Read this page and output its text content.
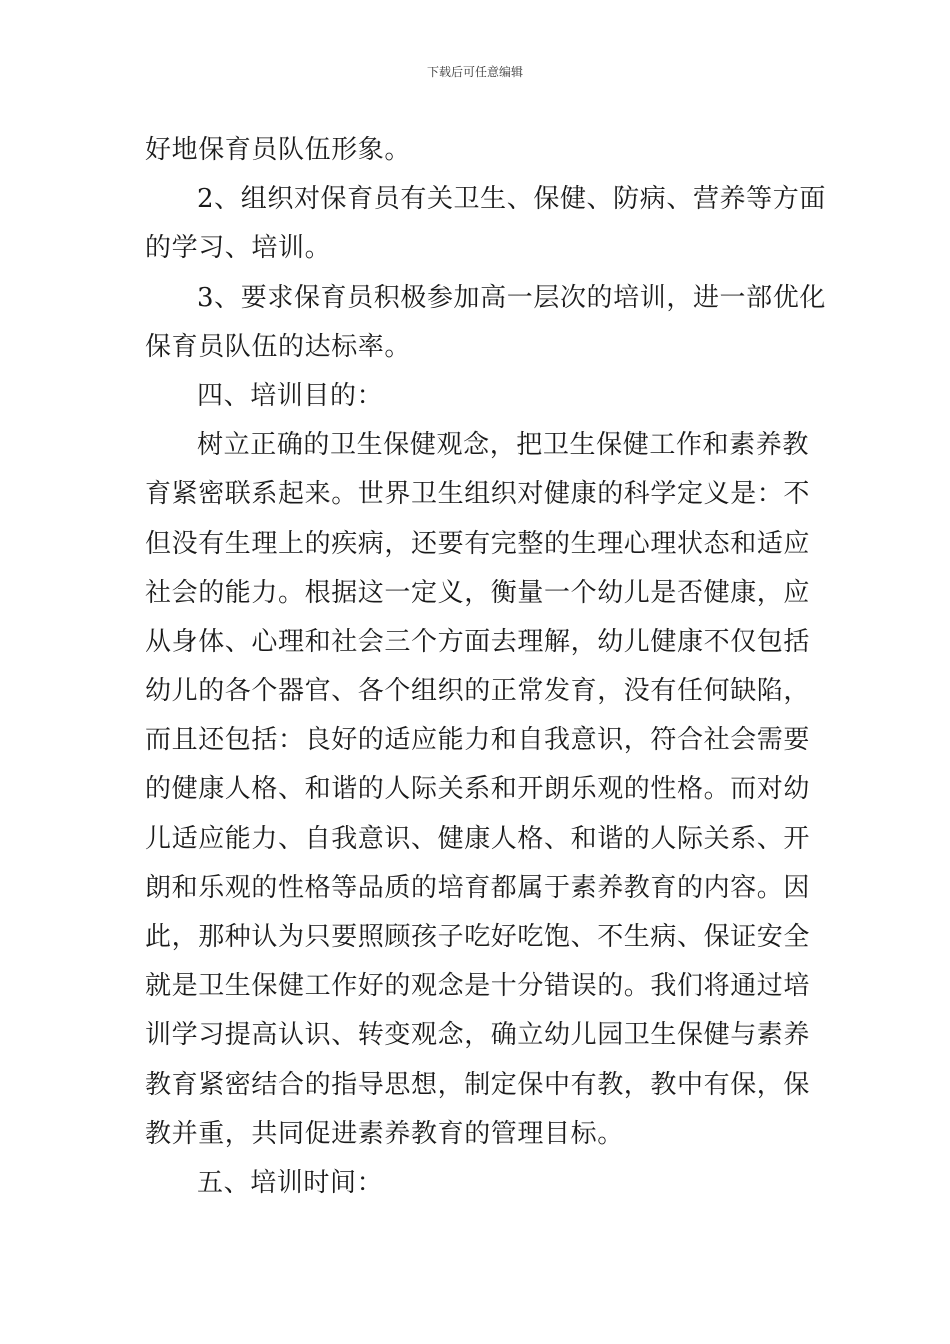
下载后可任意编辑
好地保育员队伍形象。
2、组织对保育员有关卫生、保健、防病、营养等方面
的学习、培训。
3、要求保育员积极参加高一层次的培训，进一部优化
保育员队伍的达标率。
四、培训目的：
树立正确的卫生保健观念，把卫生保健工作和素养教
育紧密联系起来。世界卫生组织对健康的科学定义是：不
但没有生理上的疾病，还要有完整的生理心理状态和适应
社会的能力。根据这一定义，衡量一个幼儿是否健康，应
从身体、心理和社会三个方面去理解，幼儿健康不仅包括
幼儿的各个器官、各个组织的正常发育，没有任何缺陷，
而且还包括：良好的适应能力和自我意识，符合社会需要
的健康人格、和谐的人际关系和开朗乐观的性格。而对幼
儿适应能力、自我意识、健康人格、和谐的人际关系、开
朗和乐观的性格等品质的培育都属于素养教育的内容。因
此，那种认为只要照顾孩子吃好吃饱、不生病、保证安全
就是卫生保健工作好的观念是十分错误的。我们将通过培
训学习提高认识、转变观念，确立幼儿园卫生保健与素养
教育紧密结合的指导思想，制定保中有教，教中有保，保
教并重，共同促进素养教育的管理目标。
五、培训时间：
